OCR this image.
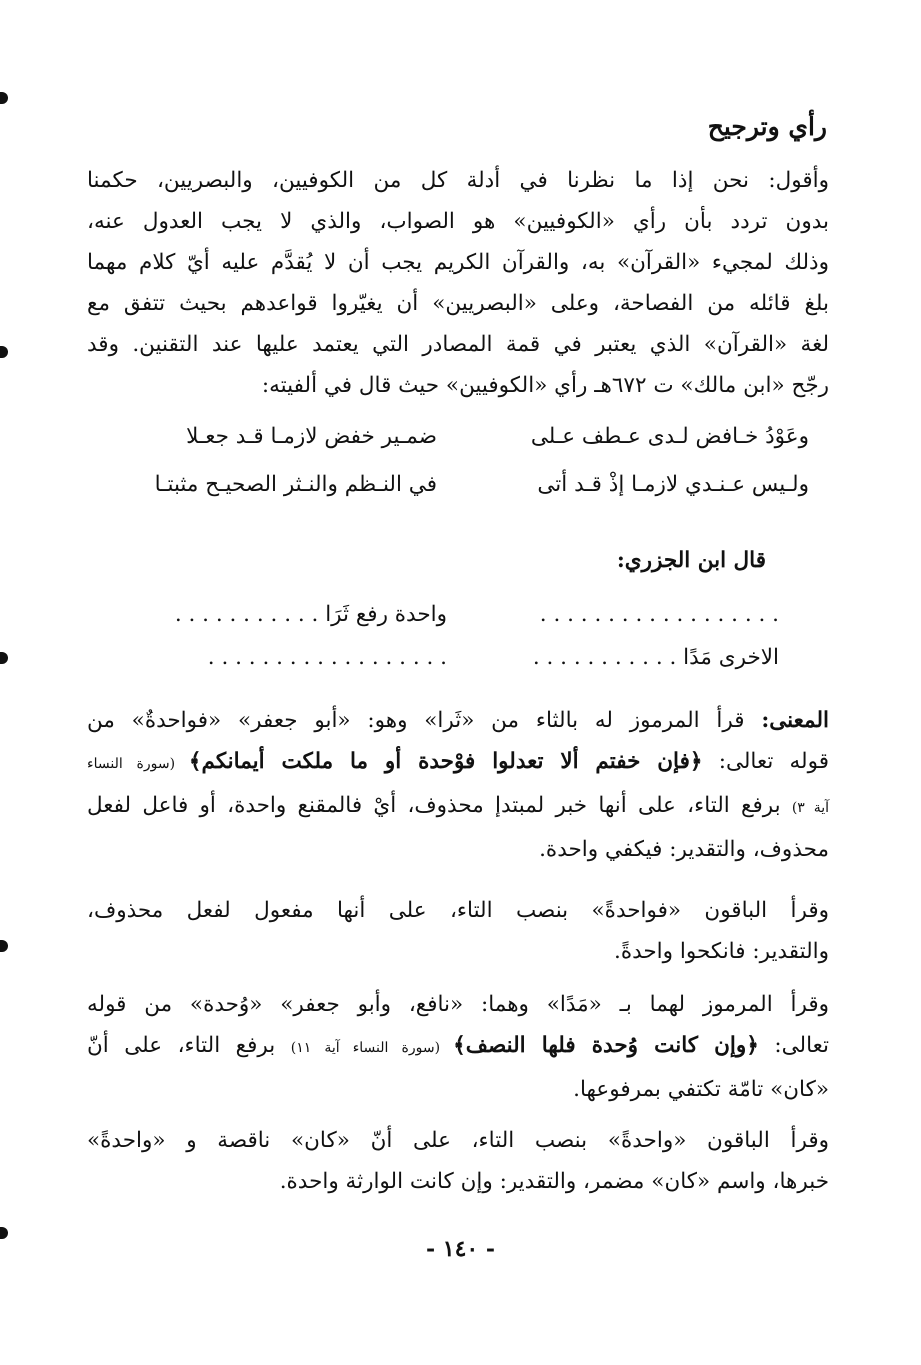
رأي وترجيح
وأقول: نحن إذا ما نظرنا في أدلة كل من الكوفيين، والبصريين، حكمنا
بدون تردد بأن رأي «الكوفيين» هو الصواب، والذي لا يجب العدول عنه،
وذلك لمجيء «القرآن» به، والقرآن الكريم يجب أن لا يُقدَّم عليه أيّ كلام مهما
بلغ قائله من الفصاحة، وعلى «البصريين» أن يغيّروا قواعدهم بحيث تتفق مع
لغة «القرآن» الذي يعتبر في قمة المصادر التي يعتمد عليها عند التقنين. وقد
رجّح «ابن مالك» ت ٦٧٢هـ رأي «الكوفيين» حيث قال في ألفيته:
وعَوْدُ خـافض لـدى عـطف عـلى
ضمـير خفض لازمـا قـد جعـلا
ولـيس عـنـدي لازمـا إذْ قـد أتى
في النـظم والنـثر الصحيـح مثبتـا
قال ابن الجزري:
. . . . . . . . . . . . . . . . . .
واحدة رفع ثَرَا . . . . . . . . . . .
الاخرى مَدًا . . . . . . . . . . .
. . . . . . . . . . . . . . . . . .
المعنى: قرأ المرموز له بالثاء من «ثَرا» وهو: «أبو جعفر» «فواحدةٌ» من
قوله تعالى: ﴿فإن خفتم ألا تعدلوا فوْحدة أو ما ملكت أيمانكم﴾ (سورة النساء
آية ٣) برفع التاء، على أنها خبر لمبتدإ محذوف، أيْ فالمقنع واحدة، أو فاعل لفعل
محذوف، والتقدير: فيكفي واحدة.
وقرأ الباقون «فواحدةً» بنصب التاء، على أنها مفعول لفعل محذوف،
والتقدير: فانكحوا واحدةً.
وقرأ المرموز لهما بـ «مَدًا» وهما: «نافع، وأبو جعفر» «وُحدة» من قوله
تعالى: ﴿وإن كانت وُحدة فلها النصف﴾ (سورة النساء آية ١١) برفع التاء، على أنّ
«كان» تامّة تكتفي بمرفوعها.
وقرأ الباقون «واحدةً» بنصب التاء، على أنّ «كان» ناقصة و «واحدةً»
خبرها، واسم «كان» مضمر، والتقدير: وإن كانت الوارثة واحدة.
- ١٤٠ -
